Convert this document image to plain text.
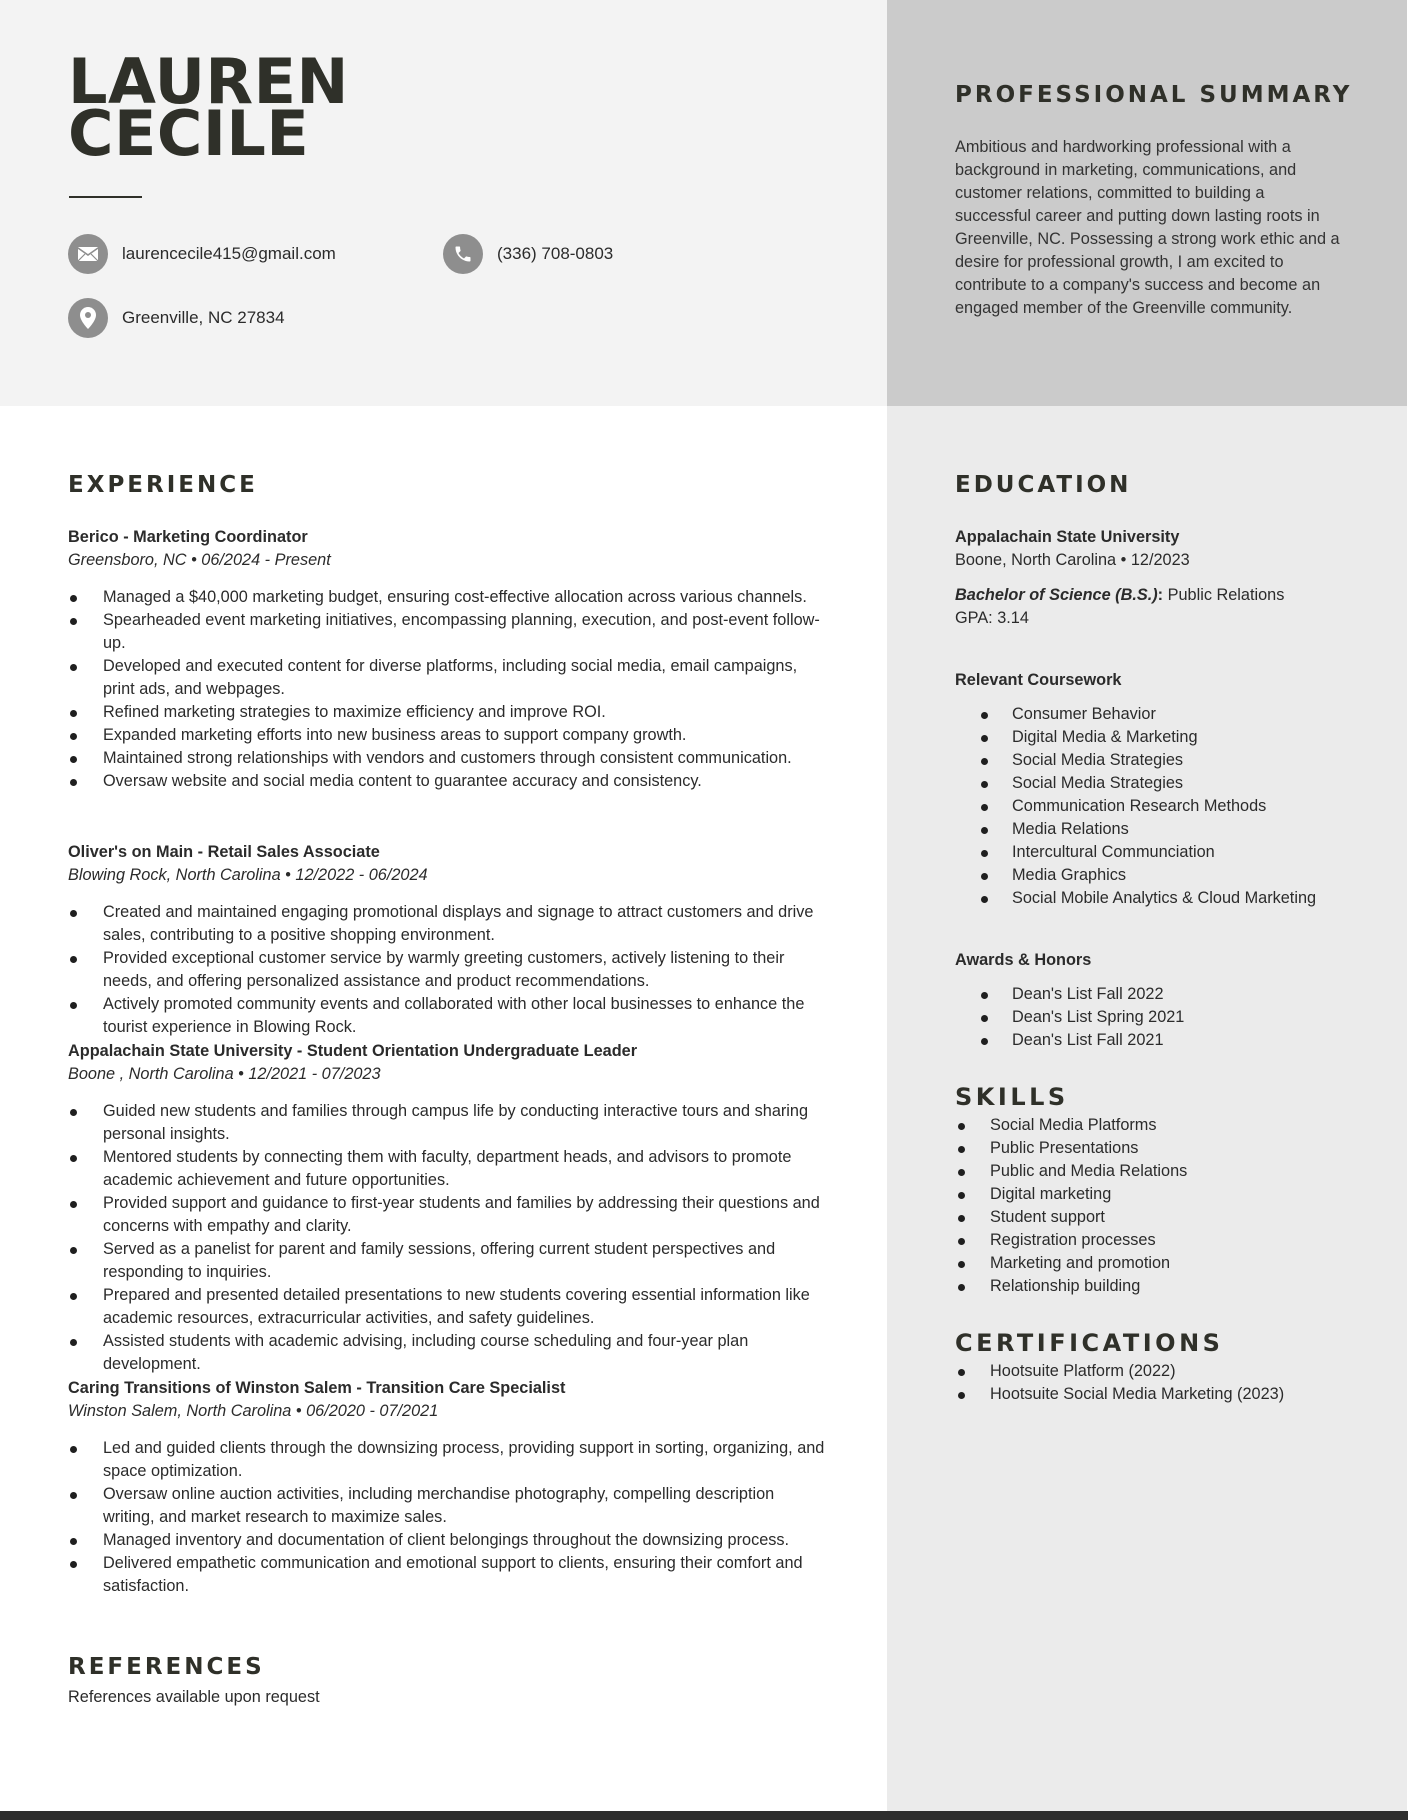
LAUREN
CECILE
laurencecile415@gmail.com	(336) 708-0803
Greenville, NC 27834
PROFESSIONAL SUMMARY
Ambitious and hardworking professional with a background in marketing, communications, and customer relations, committed to building a successful career and putting down lasting roots in Greenville, NC. Possessing a strong work ethic and a desire for professional growth, I am excited to contribute to a company's success and become an engaged member of the Greenville community.
EXPERIENCE
Berico - Marketing Coordinator
Greensboro, NC • 06/2024 - Present
Managed a $40,000 marketing budget, ensuring cost-effective allocation across various channels.
Spearheaded event marketing initiatives, encompassing planning, execution, and post-event follow-up.
Developed and executed content for diverse platforms, including social media, email campaigns, print ads, and webpages.
Refined marketing strategies to maximize efficiency and improve ROI.
Expanded marketing efforts into new business areas to support company growth.
Maintained strong relationships with vendors and customers through consistent communication.
Oversaw website and social media content to guarantee accuracy and consistency.
Oliver's on Main - Retail Sales Associate
Blowing Rock, North Carolina • 12/2022 - 06/2024
Created and maintained engaging promotional displays and signage to attract customers and drive sales, contributing to a positive shopping environment.
Provided exceptional customer service by warmly greeting customers, actively listening to their needs, and offering personalized assistance and product recommendations.
Actively promoted community events and collaborated with other local businesses to enhance the tourist experience in Blowing Rock.
Appalachain State University - Student Orientation Undergraduate Leader
Boone , North Carolina • 12/2021 - 07/2023
Guided new students and families through campus life by conducting interactive tours and sharing personal insights.
Mentored students by connecting them with faculty, department heads, and advisors to promote academic achievement and future opportunities.
Provided support and guidance to first-year students and families by addressing their questions and concerns with empathy and clarity.
Served as a panelist for parent and family sessions, offering current student perspectives and responding to inquiries.
Prepared and presented detailed presentations to new students covering essential information like academic resources, extracurricular activities, and safety guidelines.
Assisted students with academic advising, including course scheduling and four-year plan development.
Caring Transitions of Winston Salem - Transition Care Specialist
Winston Salem, North Carolina • 06/2020 - 07/2021
Led and guided clients through the downsizing process, providing support in sorting, organizing, and space optimization.
Oversaw online auction activities, including merchandise photography, compelling description writing, and market research to maximize sales.
Managed inventory and documentation of client belongings throughout the downsizing process.
Delivered empathetic communication and emotional support to clients, ensuring their comfort and satisfaction.
REFERENCES
References available upon request
EDUCATION
Appalachain State University
Boone, North Carolina • 12/2023
Bachelor of Science (B.S.): Public Relations
GPA: 3.14
Relevant Coursework
Consumer Behavior
Digital Media & Marketing
Social Media Strategies
Social Media Strategies
Communication Research Methods
Media Relations
Intercultural Communciation
Media Graphics
Social Mobile Analytics & Cloud Marketing
Awards & Honors
Dean's List Fall 2022
Dean's List Spring 2021
Dean's List Fall 2021
SKILLS
Social Media Platforms
Public Presentations
Public and Media Relations
Digital marketing
Student support
Registration processes
Marketing and promotion
Relationship building
CERTIFICATIONS
Hootsuite Platform (2022)
Hootsuite Social Media Marketing (2023)
